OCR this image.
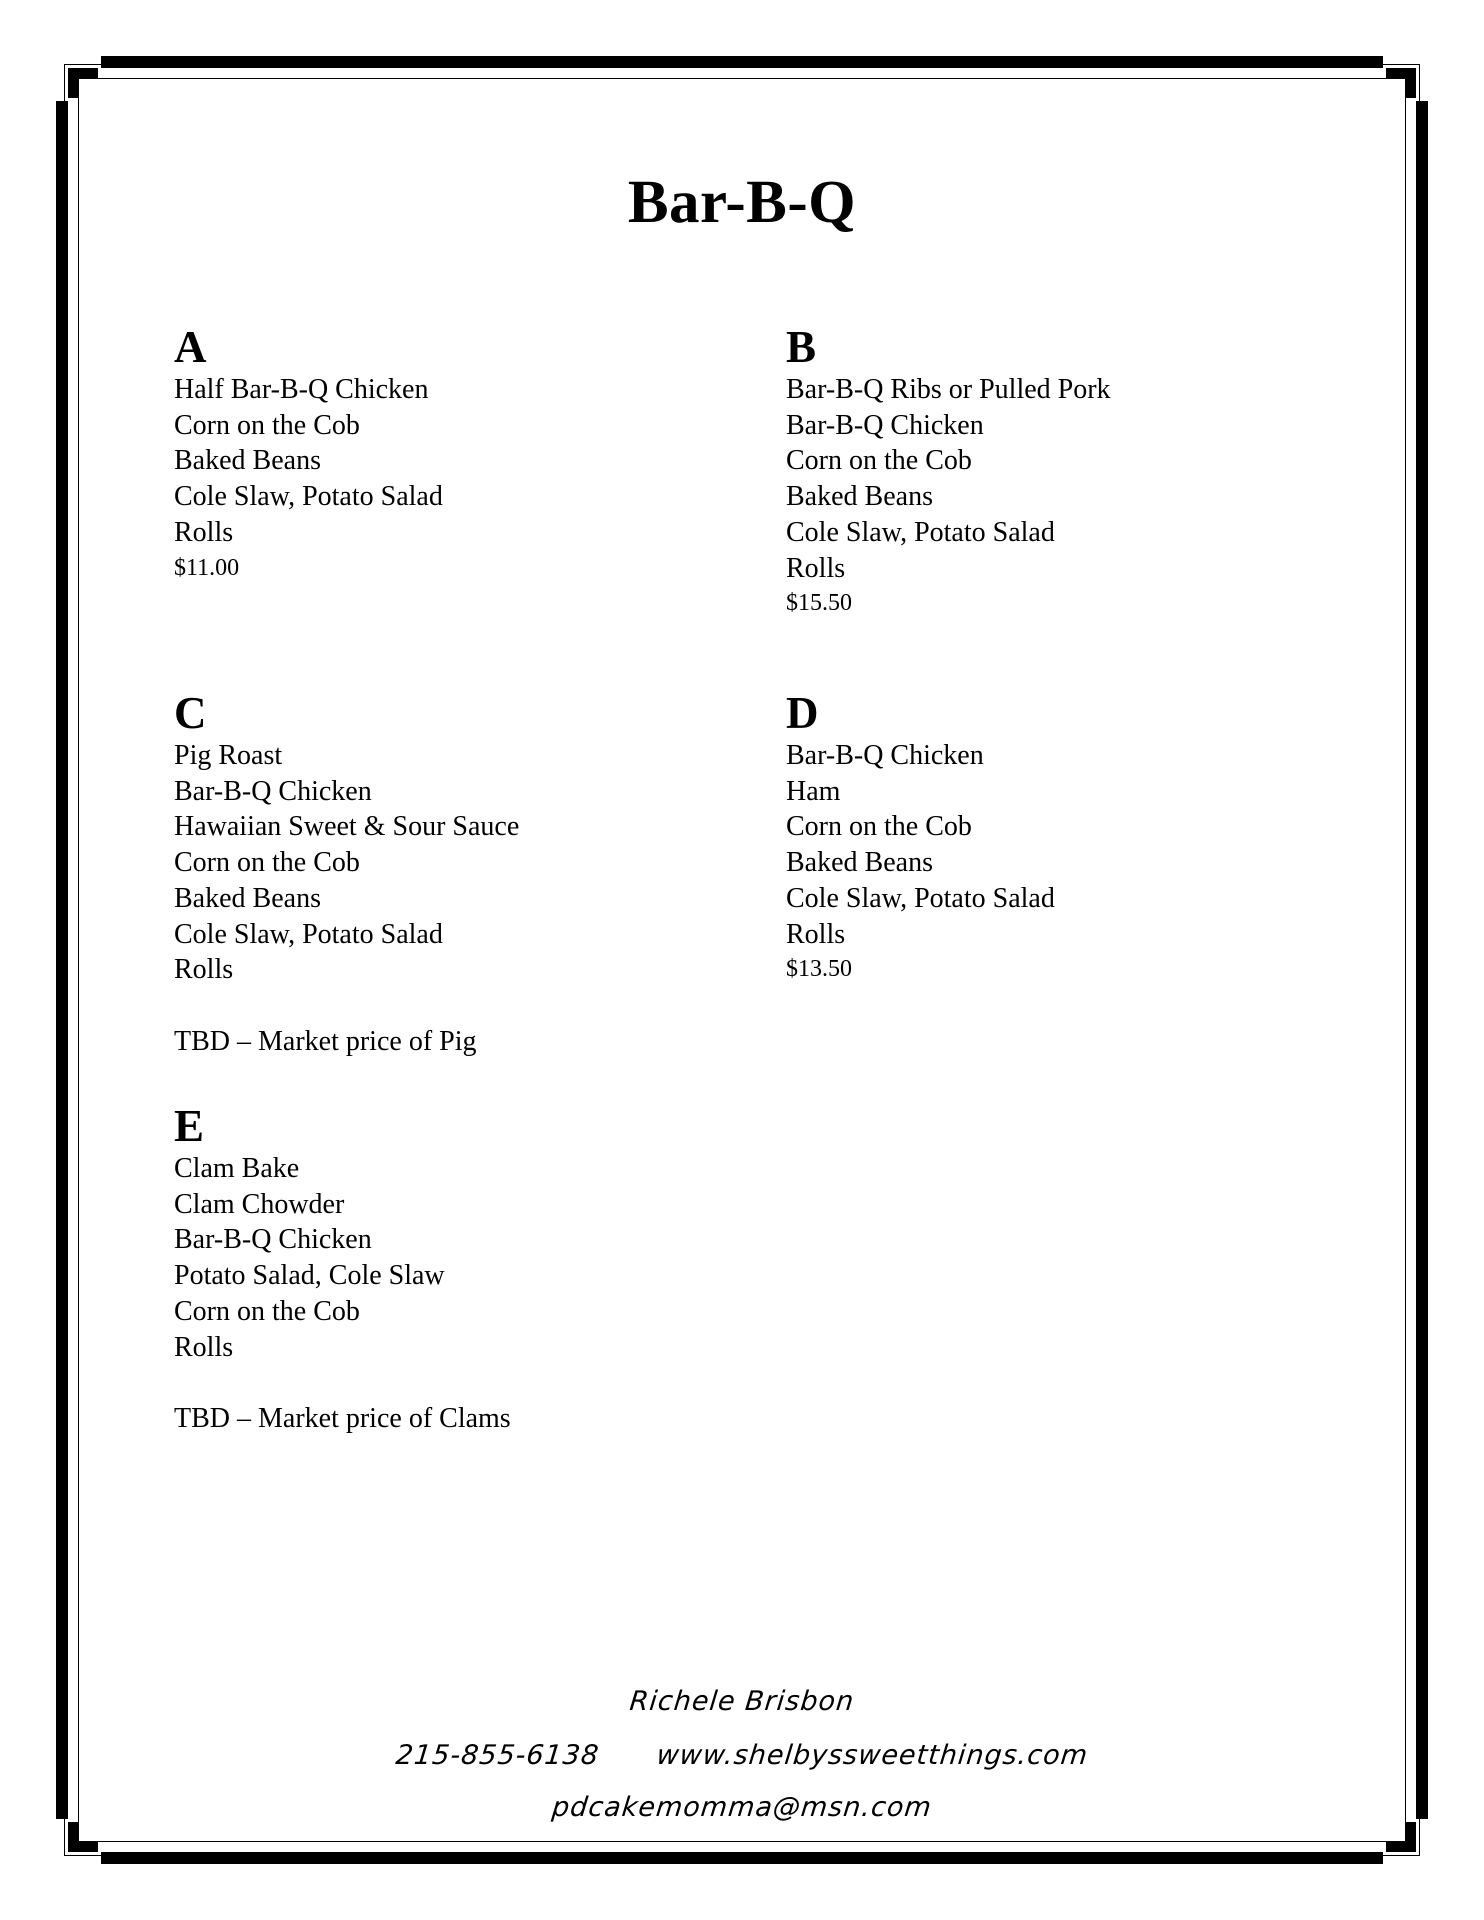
Bar-B-Q
A
Half Bar-B-Q Chicken
Corn on the Cob
Baked Beans
Cole Slaw, Potato Salad
Rolls
$11.00
B
Bar-B-Q Ribs or Pulled Pork
Bar-B-Q Chicken
Corn on the Cob
Baked Beans
Cole Slaw, Potato Salad
Rolls
$15.50
C
Pig Roast
Bar-B-Q Chicken
Hawaiian Sweet & Sour Sauce
Corn on the Cob
Baked Beans
Cole Slaw, Potato Salad
Rolls
TBD – Market price of Pig
D
Bar-B-Q Chicken
Ham
Corn on the Cob
Baked Beans
Cole Slaw, Potato Salad
Rolls
$13.50
E
Clam Bake
Clam Chowder
Bar-B-Q Chicken
Potato Salad, Cole Slaw
Corn on the Cob
Rolls
TBD – Market price of Clams
Richele Brisbon
215-855-6138 www.shelbyssweetthings.com
pdcakemomma@msn.com
